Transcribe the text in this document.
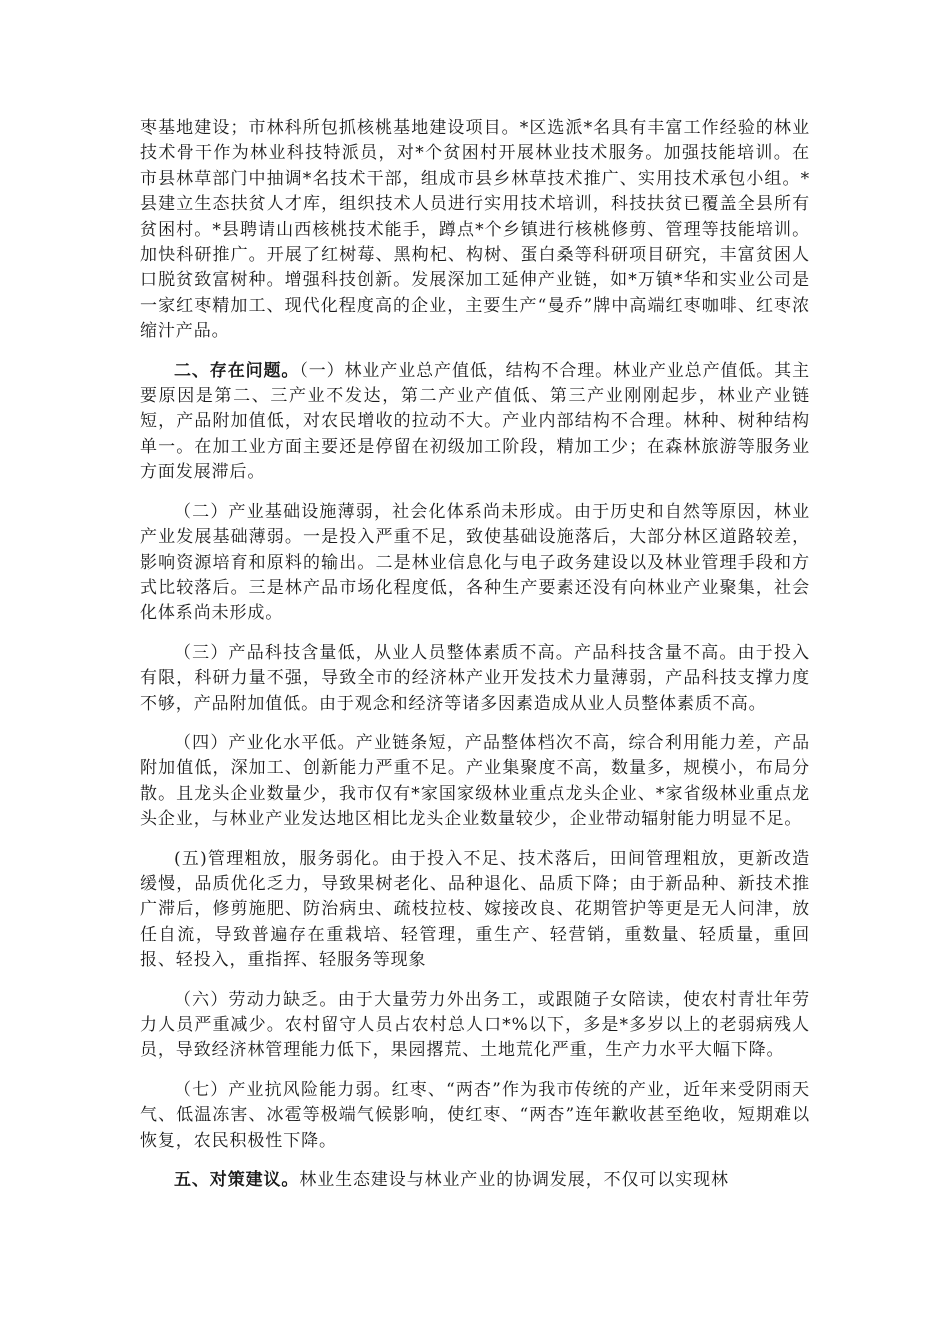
枣基地建设；市林科所包抓核桃基地建设项目。*区选派*名具有丰富工作经验的林业技术骨干作为林业科技特派员，对*个贫困村开展林业技术服务。加强技能培训。在市县林草部门中抽调*名技术干部，组成市县乡林草技术推广、实用技术承包小组。*县建立生态扶贫人才库，组织技术人员进行实用技术培训，科技扶贫已覆盖全县所有贫困村。*县聘请山西核桃技术能手，蹲点*个乡镇进行核桃修剪、管理等技能培训。加快科研推广。开展了红树莓、黑枸杞、构树、蛋白桑等科研项目研究，丰富贫困人口脱贫致富树种。增强科技创新。发展深加工延伸产业链，如*万镇*华和实业公司是一家红枣精加工、现代化程度高的企业，主要生产“曼乔”牌中高端红枣咖啡、红枣浓缩汁产品。

二、存在问题。（一）林业产业总产值低，结构不合理。林业产业总产值低。其主要原因是第二、三产业不发达，第二产业产值低、第三产业刚刚起步，林业产业链短，产品附加值低，对农民增收的拉动不大。产业内部结构不合理。林种、树种结构单一。在加工业方面主要还是停留在初级加工阶段，精加工少；在森林旅游等服务业方面发展滞后。

（二）产业基础设施薄弱，社会化体系尚未形成。由于历史和自然等原因，林业产业发展基础薄弱。一是投入严重不足，致使基础设施落后，大部分林区道路较差，影响资源培育和原料的输出。二是林业信息化与电子政务建设以及林业管理手段和方式比较落后。三是林产品市场化程度低，各种生产要素还没有向林业产业聚集，社会化体系尚未形成。

（三）产品科技含量低，从业人员整体素质不高。产品科技含量不高。由于投入有限，科研力量不强，导致全市的经济林产业开发技术力量薄弱，产品科技支撑力度不够，产品附加值低。由于观念和经济等诸多因素造成从业人员整体素质不高。

（四）产业化水平低。产业链条短，产品整体档次不高，综合利用能力差，产品附加值低，深加工、创新能力严重不足。产业集聚度不高，数量多，规模小，布局分散。且龙头企业数量少，我市仅有*家国家级林业重点龙头企业、*家省级林业重点龙头企业，与林业产业发达地区相比龙头企业数量较少，企业带动辐射能力明显不足。

(五)管理粗放，服务弱化。由于投入不足、技术落后，田间管理粗放，更新改造缓慢，品质优化乏力，导致果树老化、品种退化、品质下降；由于新品种、新技术推广滞后，修剪施肥、防治病虫、疏枝拉枝、嫁接改良、花期管护等更是无人问津，放任自流，导致普遍存在重栽培、轻管理，重生产、轻营销，重数量、轻质量，重回报、轻投入，重指挥、轻服务等现象

（六）劳动力缺乏。由于大量劳力外出务工，或跟随子女陪读，使农村青壮年劳力人员严重减少。农村留守人员占农村总人口*%以下，多是*多岁以上的老弱病残人员，导致经济林管理能力低下，果园撂荒、土地荒化严重，生产力水平大幅下降。

（七）产业抗风险能力弱。红枣、“两杏”作为我市传统的产业，近年来受阴雨天气、低温冻害、冰雹等极端气候影响，使红枣、“两杏”连年歉收甚至绝收，短期难以恢复，农民积极性下降。

五、对策建议。林业生态建设与林业产业的协调发展，不仅可以实现林
